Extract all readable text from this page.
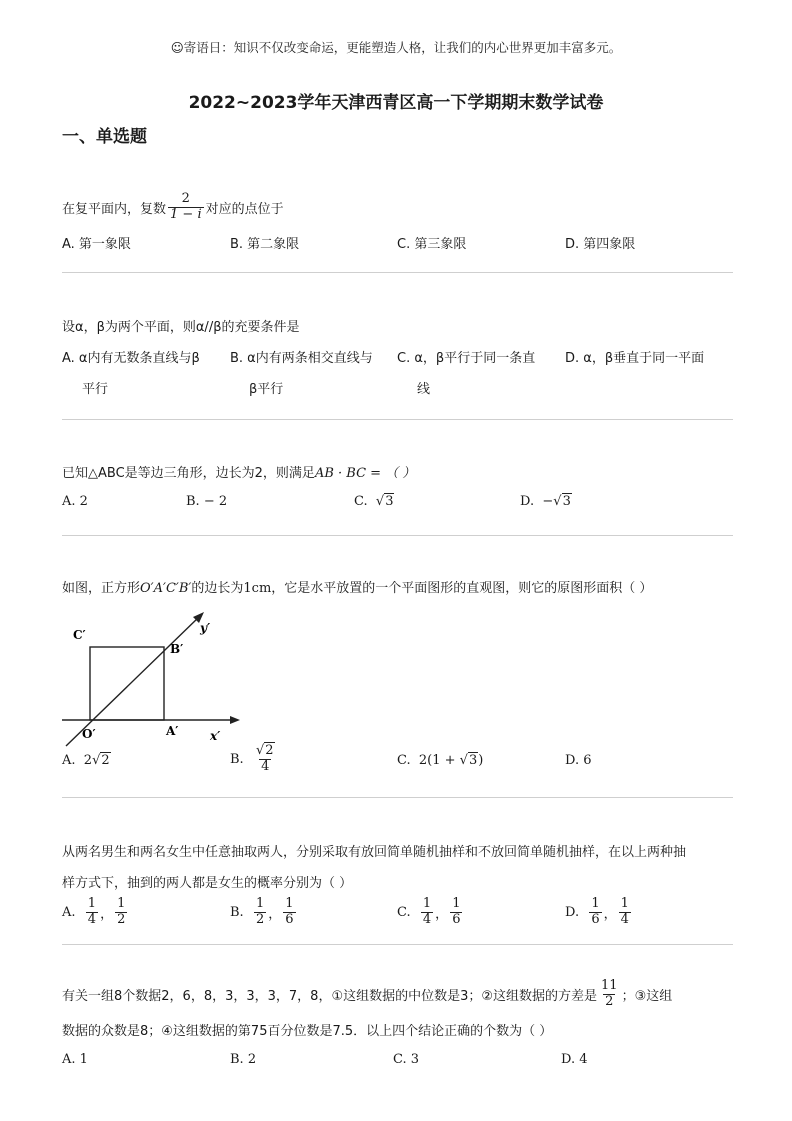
☺寄语日：知识不仅改变命运，更能塑造人格，让我们的内心世界更加丰富多元。
2022~2023学年天津西青区高一下学期期末数学试卷
一、单选题
在复平面内，复数 $\frac{2}{1 - i}$ 对应的点位于
A. 第一象限	B. 第二象限	C. 第三象限	D. 第四象限
设α，β为两个平面，则α//β的充要条件是
A. α内有无数条直线与β
平行
B. α内有两条相交直线与
β平行
C. α，β平行于同一条直
线
D. α，β垂直于同一平面
已知△ABC是等边三角形，边长为2，则满足AB · BC = （ ）
A. 2	B. − 2	C. √3	D.  −√3
如图，正方形O′A′C′B′的边长为1cm，它是水平放置的一个平面图形的直观图，则它的原图形面积（ ）
C′
B′
O′	A′	x′
y′
A. 2√2	B.
$\frac{√2}{4}$	C. 2(1 + √3)	D. 6
从两名男生和两名女生中任意抽取两人，分别采取有放回简单随机抽样和不放回简单随机抽样，在以上两种抽
样方式下，抽到的两人都是女生的概率分别为（ ）
A.
$\frac{1}{4}$ ， $\frac{1}{2}$	B.
$\frac{1}{2}$ ， $\frac{1}{6}$	C.
$\frac{1}{4}$ ， $\frac{1}{6}$	D.
$\frac{1}{6}$ ， $\frac{1}{4}$
有关一组8个数据2，6，8，3，3，3，7，8，①这组数据的中位数是3；②这组数据的方差是 $\frac{11}{2}$ ；③这组
数据的众数是8；④这组数据的第75百分位数是7.5．以上四个结论正确的个数为（ ）
A. 1	B. 2	C. 3	D. 4
